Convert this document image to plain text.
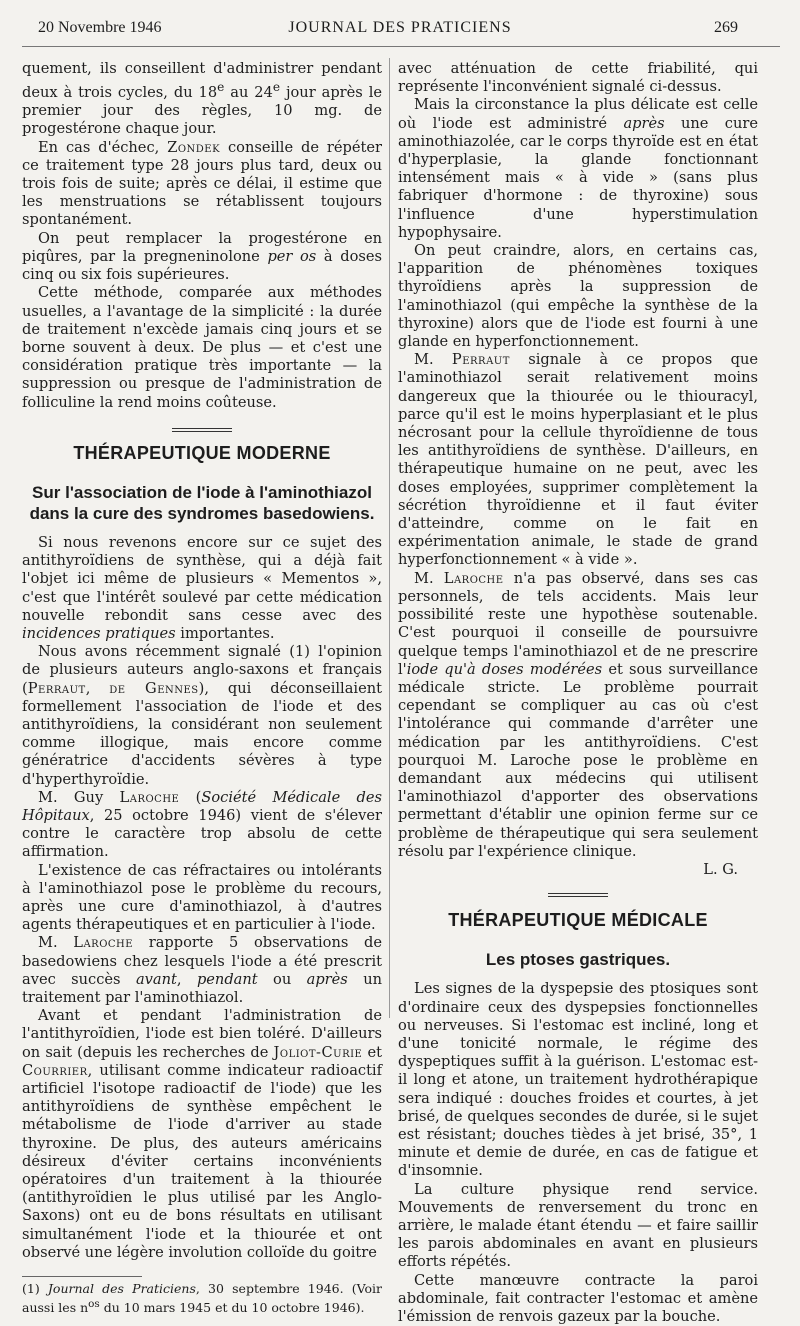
20 Novembre 1946	JOURNAL DES PRATICIENS	269

quement, ils conseillent d'administrer pendant deux à trois cycles, du 18e au 24e jour après le premier jour des règles, 10 mg. de progestérone chaque jour.

En cas d'échec, Zondek conseille de répéter ce traitement type 28 jours plus tard, deux ou trois fois de suite; après ce délai, il estime que les menstruations se rétablissent toujours spontanément.

On peut remplacer la progestérone en piqûres, par la pregneninolone per os à doses cinq ou six fois supérieures.

Cette méthode, comparée aux méthodes usuelles, a l'avantage de la simplicité : la durée de traitement n'excède jamais cinq jours et se borne souvent à deux. De plus — et c'est une considération pratique très importante — la suppression ou presque de l'administration de folliculine la rend moins coûteuse.

THÉRAPEUTIQUE MODERNE
Sur l'association de l'iode à l'aminothiazol dans la cure des syndromes basedowiens.

Si nous revenons encore sur ce sujet des antithyroïdiens de synthèse, qui a déjà fait l'objet ici même de plusieurs « Mementos », c'est que l'intérêt soulevé par cette médication nouvelle rebondit sans cesse avec des incidences pratiques importantes.

Nous avons récemment signalé (1) l'opinion de plusieurs auteurs anglo-saxons et français (Perraut, de Gennes), qui déconseillaient formellement l'association de l'iode et des antithyroïdiens, la considérant non seulement comme illogique, mais encore comme génératrice d'accidents sévères à type d'hyperthyroïdie.

M. Guy Laroche (Société Médicale des Hôpitaux, 25 octobre 1946) vient de s'élever contre le caractère trop absolu de cette affirmation.

L'existence de cas réfractaires ou intolérants à l'aminothiazol pose le problème du recours, après une cure d'aminothiazol, à d'autres agents thérapeutiques et en particulier à l'iode.

M. Laroche rapporte 5 observations de basedowiens chez lesquels l'iode a été prescrit avec succès avant, pendant ou après un traitement par l'aminothiazol.

Avant et pendant l'administration de l'antithyroïdien, l'iode est bien toléré. D'ailleurs on sait (depuis les recherches de Joliot-Curie et Courrier, utilisant comme indicateur radioactif artificiel l'isotope radioactif de l'iode) que les antithyroïdiens de synthèse empêchent le métabolisme de l'iode d'arriver au stade thyroxine. De plus, des auteurs américains désireux d'éviter certains inconvénients opératoires d'un traitement à la thiourée (antithyroïdien le plus utilisé par les Anglo-Saxons) ont eu de bons résultats en utilisant simultanément l'iode et la thiourée et ont observé une légère involution colloïde du goitre

(1) Journal des Praticiens, 30 septembre 1946. (Voir aussi les $n^{os}$ du 10 mars 1945 et du 10 octobre 1946).

avec atténuation de cette friabilité, qui représente l'inconvénient signalé ci-dessus.

Mais la circonstance la plus délicate est celle où l'iode est administré après une cure aminothiazolée, car le corps thyroïde est en état d'hyperplasie, la glande fonctionnant intensément mais « à vide » (sans plus fabriquer d'hormone : de thyroxine) sous l'influence d'une hyperstimulation hypophysaire.

On peut craindre, alors, en certains cas, l'apparition de phénomènes toxiques thyroïdiens après la suppression de l'aminothiazol (qui empêche la synthèse de la thyroxine) alors que de l'iode est fourni à une glande en hyperfonctionnement.

M. Perraut signale à ce propos que l'aminothiazol serait relativement moins dangereux que la thiourée ou le thiouracyl, parce qu'il est le moins hyperplasiant et le plus nécrosant pour la cellule thyroïdienne de tous les antithyroïdiens de synthèse. D'ailleurs, en thérapeutique humaine on ne peut, avec les doses employées, supprimer complètement la sécrétion thyroïdienne et il faut éviter d'atteindre, comme on le fait en expérimentation animale, le stade de grand hyperfonctionnement « à vide ».

M. Laroche n'a pas observé, dans ses cas personnels, de tels accidents. Mais leur possibilité reste une hypothèse soutenable. C'est pourquoi il conseille de poursuivre quelque temps l'aminothiazol et de ne prescrire l'iode qu'à doses modérées et sous surveillance médicale stricte. Le problème pourrait cependant se compliquer au cas où c'est l'intolérance qui commande d'arrêter une médication par les antithyroïdiens. C'est pourquoi M. Laroche pose le problème en demandant aux médecins qui utilisent l'aminothiazol d'apporter des observations permettant d'établir une opinion ferme sur ce problème de thérapeutique qui sera seulement résolu par l'expérience clinique.

L. G.

THÉRAPEUTIQUE MÉDICALE
Les ptoses gastriques.

Les signes de la dyspepsie des ptosiques sont d'ordinaire ceux des dyspepsies fonctionnelles ou nerveuses. Si l'estomac est incliné, long et d'une tonicité normale, le régime des dyspeptiques suffit à la guérison. L'estomac est-il long et atone, un traitement hydrothérapique sera indiqué : douches froides et courtes, à jet brisé, de quelques secondes de durée, si le sujet est résistant; douches tièdes à jet brisé, 35°, 1 minute et demie de durée, en cas de fatigue et d'insomnie.

La culture physique rend service. Mouvements de renversement du tronc en arrière, le malade étant étendu — et faire saillir les parois abdominales en avant en plusieurs efforts répétés.

Cette manœuvre contracte la paroi abdominale, fait contracter l'estomac et amène l'émission de renvois gazeux par la bouche.
